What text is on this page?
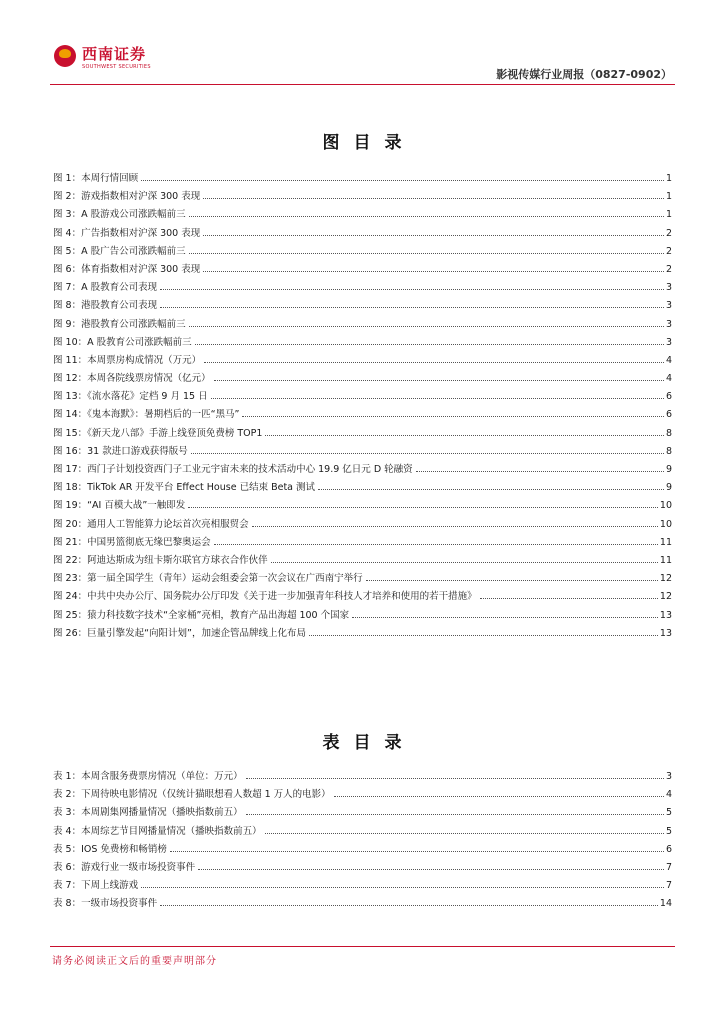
西南证券
SOUTHWEST SECURITIES
影视传媒行业周报（0827-0902）
图目录
图 1：本周行情回顾	1
图 2：游戏指数相对沪深 300 表现	1
图 3：A 股游戏公司涨跌幅前三	1
图 4：广告指数相对沪深 300 表现	2
图 5：A 股广告公司涨跌幅前三	2
图 6：体育指数相对沪深 300 表现	2
图 7：A 股教育公司表现	3
图 8：港股教育公司表现	3
图 9：港股教育公司涨跌幅前三	3
图 10：A 股教育公司涨跌幅前三	3
图 11：本周票房构成情况（万元）	4
图 12：本周各院线票房情况（亿元）	4
图 13：《流水落花》定档 9 月 15 日	6
图 14：《鬼本海默》：暑期档后的一匹“黑马”	6
图 15：《新天龙八部》手游上线登顶免费榜 TOP1	8
图 16：31 款进口游戏获得版号	8
图 17：西门子计划投资西门子工业元宇宙未来的技术活动中心 19.9 亿日元 D 轮融资	9
图 18：TikTok AR 开发平台 Effect House 已结束 Beta 测试	9
图 19：“AI 百模大战”一触即发	10
图 20：通用人工智能算力论坛首次亮相服贸会	10
图 21：中国男篮彻底无缘巴黎奥运会	11
图 22：阿迪达斯成为纽卡斯尔联官方球衣合作伙伴	11
图 23：第一届全国学生（青年）运动会组委会第一次会议在广西南宁举行	12
图 24：中共中央办公厅、国务院办公厅印发《关于进一步加强青年科技人才培养和使用的若干措施》	12
图 25：猿力科技数字技术“全家桶”亮相，教育产品出海超 100 个国家	13
图 26：巨量引擎发起“向阳计划”，加速企管品牌线上化布局	13
表目录
表 1：本周含服务费票房情况（单位：万元）	3
表 2：下周待映电影情况（仅统计猫眼想看人数超 1 万人的电影）	4
表 3：本周剧集网播量情况（播映指数前五）	5
表 4：本周综艺节目网播量情况（播映指数前五）	5
表 5：IOS 免费榜和畅销榜	6
表 6：游戏行业一级市场投资事件	7
表 7：下周上线游戏	7
表 8：一级市场投资事件	14
请务必阅读正文后的重要声明部分
